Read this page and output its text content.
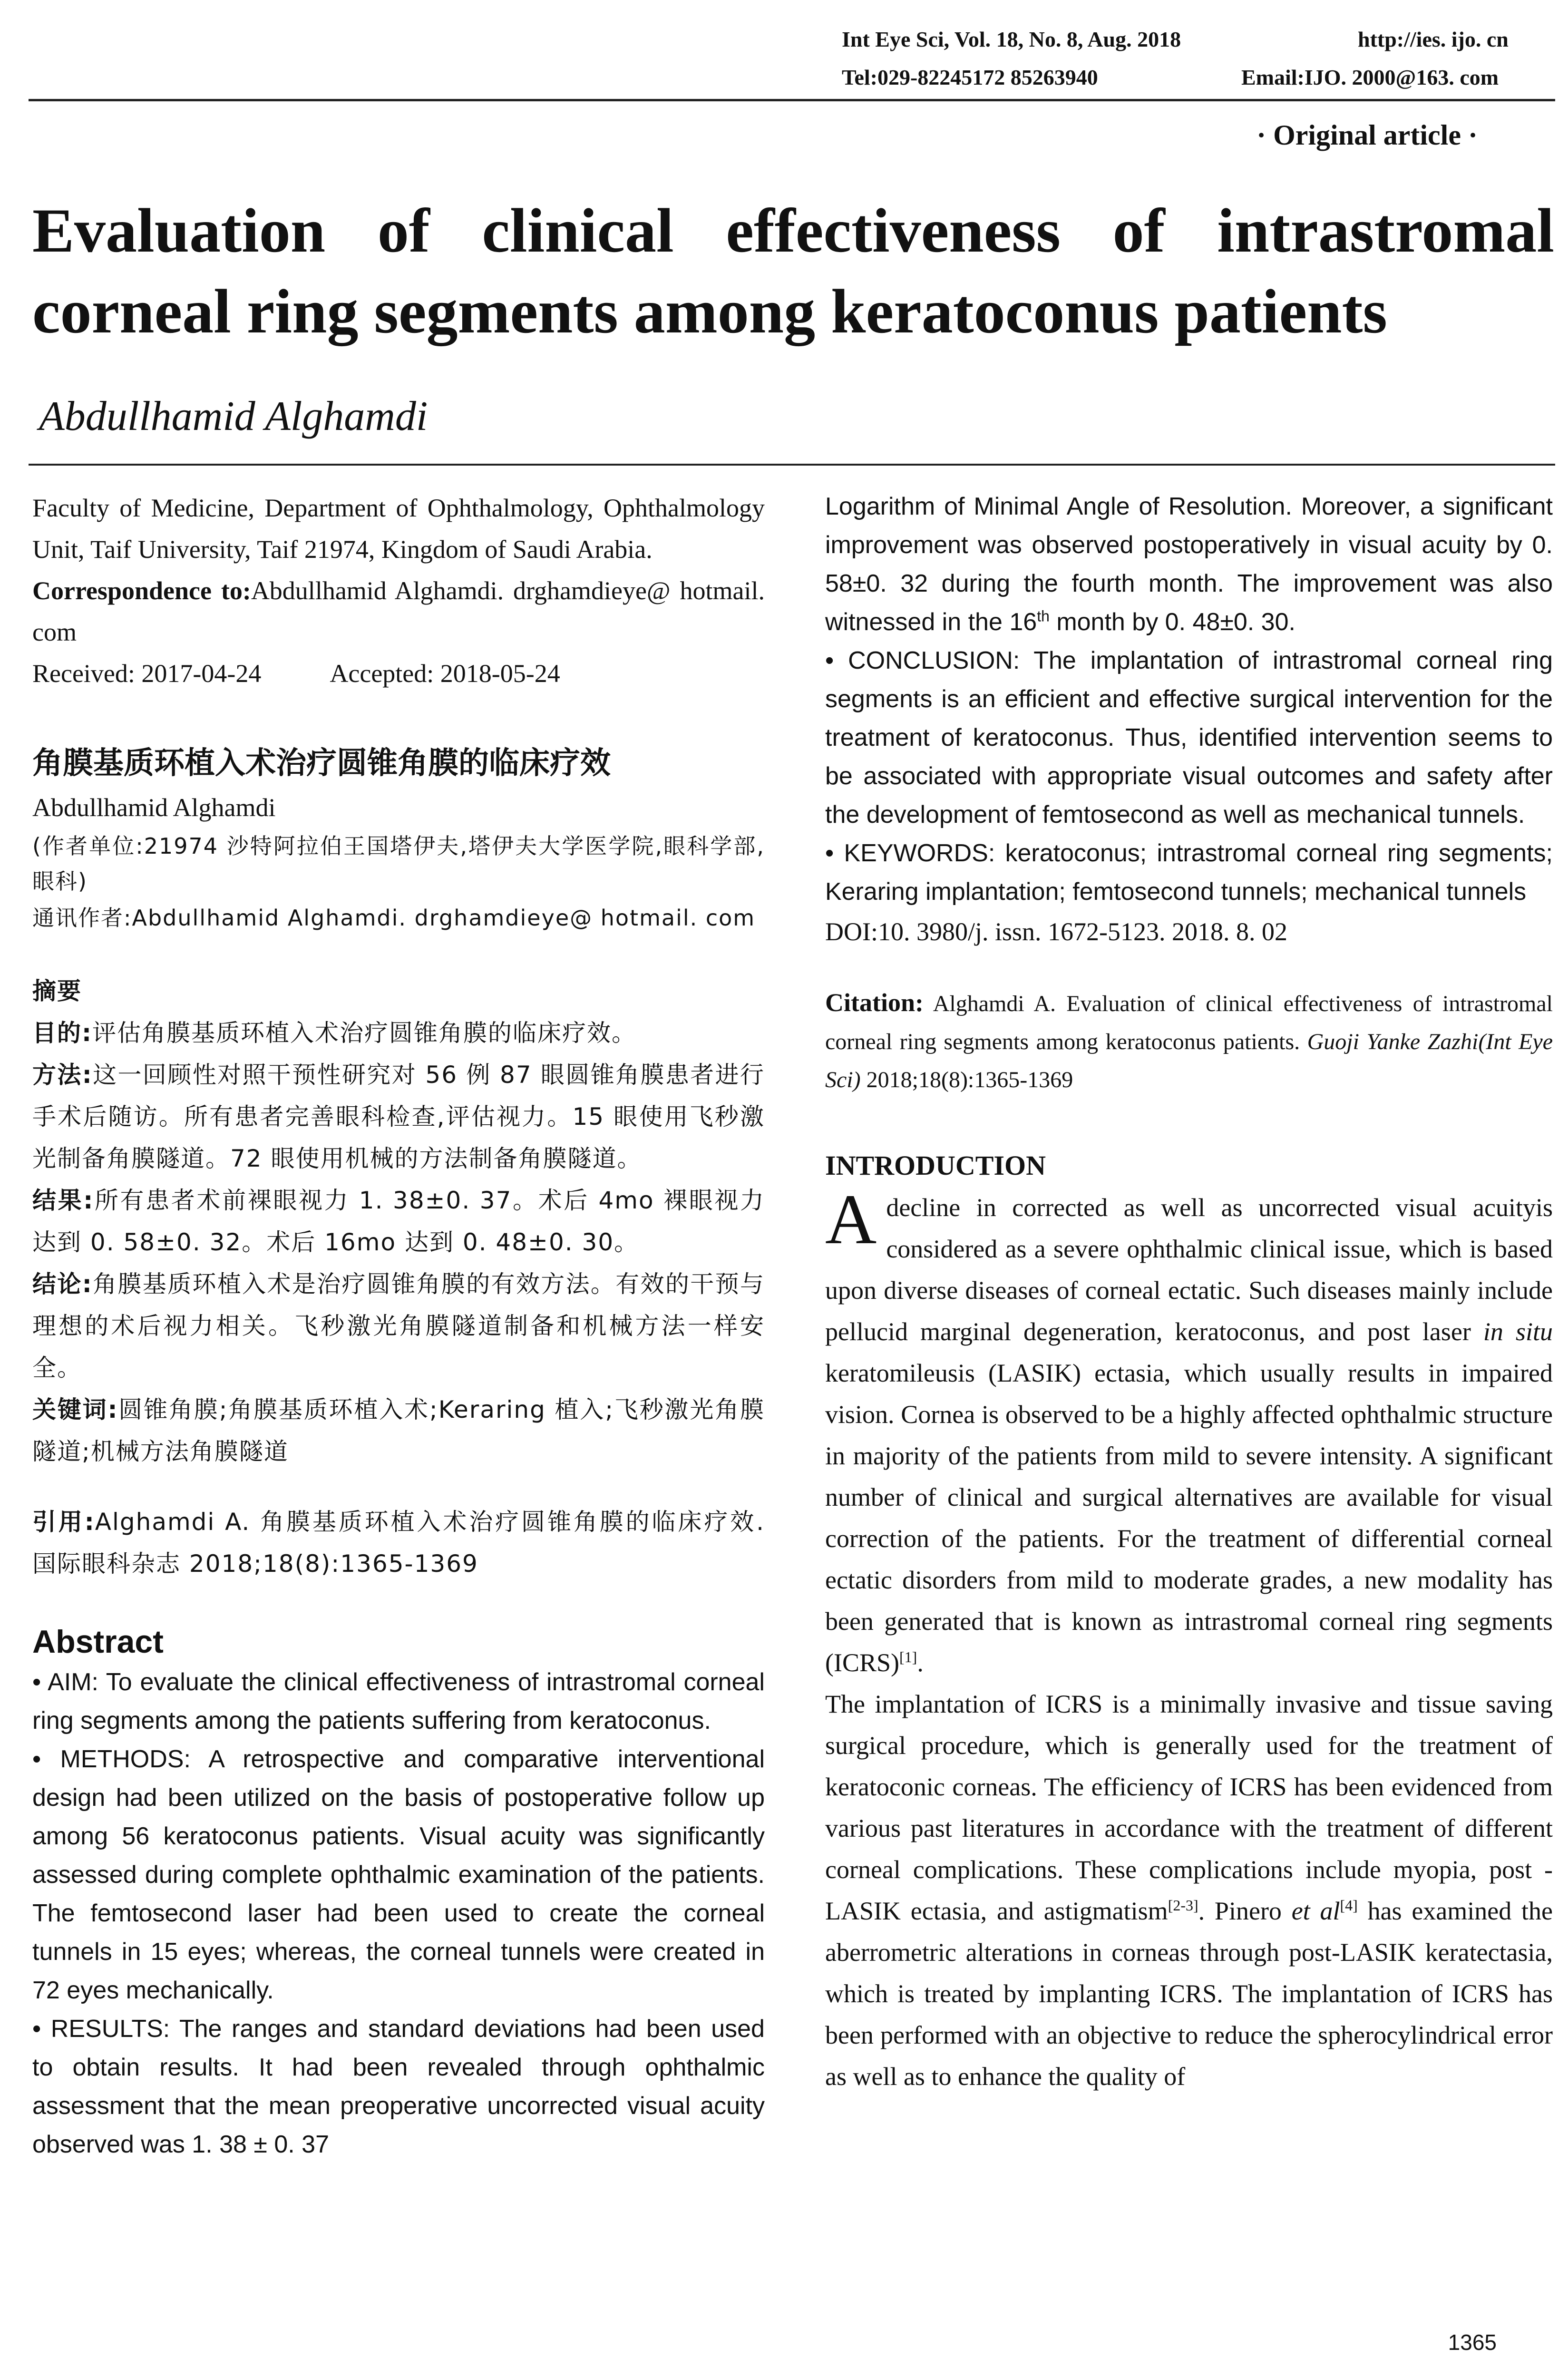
Int Eye Sci, Vol. 18, No. 8, Aug. 2018	http://ies. ijo. cn
Tel:029-82245172 85263940	Email:IJO. 2000@163. com
· Original article ·
Evaluation of clinical effectiveness of intrastromal corneal ring segments among keratoconus patients
Abdullhamid Alghamdi

Faculty of Medicine, Department of Ophthalmology, Ophthalmology Unit, Taif University, Taif 21974, Kingdom of Saudi Arabia.

Correspondence to:Abdullhamid Alghamdi. drghamdieye@ hotmail. com

Received: 2017-04-24	Accepted: 2018-05-24

角膜基质环植入术治疗圆锥角膜的临床疗效

Abdullhamid Alghamdi

(作者单位:21974 沙特阿拉伯王国塔伊夫,塔伊夫大学医学院,眼科学部,眼科)

通讯作者:Abdullhamid Alghamdi. drghamdieye@ hotmail. com

摘要

目的:评估角膜基质环植入术治疗圆锥角膜的临床疗效。

方法:这一回顾性对照干预性研究对 56 例 87 眼圆锥角膜患者进行手术后随访。所有患者完善眼科检查,评估视力。15 眼使用飞秒激光制备角膜隧道。72 眼使用机械的方法制备角膜隧道。

结果:所有患者术前裸眼视力 1. 38±0. 37。术后 4mo 裸眼视力达到 0. 58±0. 32。术后 16mo 达到 0. 48±0. 30。

结论:角膜基质环植入术是治疗圆锥角膜的有效方法。有效的干预与理想的术后视力相关。飞秒激光角膜隧道制备和机械方法一样安全。

关键词:圆锥角膜;角膜基质环植入术;Keraring 植入;飞秒激光角膜隧道;机械方法角膜隧道

引用:Alghamdi A. 角膜基质环植入术治疗圆锥角膜的临床疗效. 国际眼科杂志 2018;18(8):1365-1369

Abstract

• AIM: To evaluate the clinical effectiveness of intrastromal corneal ring segments among the patients suffering from keratoconus.

• METHODS: A retrospective and comparative interventional design had been utilized on the basis of postoperative follow up among 56 keratoconus patients. Visual acuity was significantly assessed during complete ophthalmic examination of the patients. The femtosecond laser had been used to create the corneal tunnels in 15 eyes; whereas, the corneal tunnels were created in 72 eyes mechanically.

• RESULTS: The ranges and standard deviations had been used to obtain results. It had been revealed through ophthalmic assessment that the mean preoperative uncorrected visual acuity observed was 1. 38 ± 0. 37

Logarithm of Minimal Angle of Resolution. Moreover, a significant improvement was observed postoperatively in visual acuity by 0. 58±0. 32 during the fourth month. The improvement was also witnessed in the 16th month by 0. 48±0. 30.

• CONCLUSION: The implantation of intrastromal corneal ring segments is an efficient and effective surgical intervention for the treatment of keratoconus. Thus, identified intervention seems to be associated with appropriate visual outcomes and safety after the development of femtosecond as well as mechanical tunnels.

• KEYWORDS: keratoconus; intrastromal corneal ring segments; Keraring implantation; femtosecond tunnels; mechanical tunnels

DOI:10. 3980/j. issn. 1672-5123. 2018. 8. 02

Citation: Alghamdi A. Evaluation of clinical effectiveness of intrastromal corneal ring segments among keratoconus patients. Guoji Yanke Zazhi(Int Eye Sci) 2018;18(8):1365-1369

INTRODUCTION

Adecline in corrected as well as uncorrected visual acuityis considered as a severe ophthalmic clinical issue, which is based upon diverse diseases of corneal ectatic. Such diseases mainly include pellucid marginal degeneration, keratoconus, and post laser in situ keratomileusis (LASIK) ectasia, which usually results in impaired vision. Cornea is observed to be a highly affected ophthalmic structure in majority of the patients from mild to severe intensity. A significant number of clinical and surgical alternatives are available for visual correction of the patients. For the treatment of differential corneal ectatic disorders from mild to moderate grades, a new modality has been generated that is known as intrastromal corneal ring segments (ICRS)[1].

The implantation of ICRS is a minimally invasive and tissue saving surgical procedure, which is generally used for the treatment of keratoconic corneas. The efficiency of ICRS has been evidenced from various past literatures in accordance with the treatment of different corneal complications. These complications include myopia, post - LASIK ectasia, and astigmatism[2-3]. Pinero et al[4] has examined the aberrometric alterations in corneas through post-LASIK keratectasia, which is treated by implanting ICRS. The implantation of ICRS has been performed with an objective to reduce the spherocylindrical error as well as to enhance the quality of

1365
